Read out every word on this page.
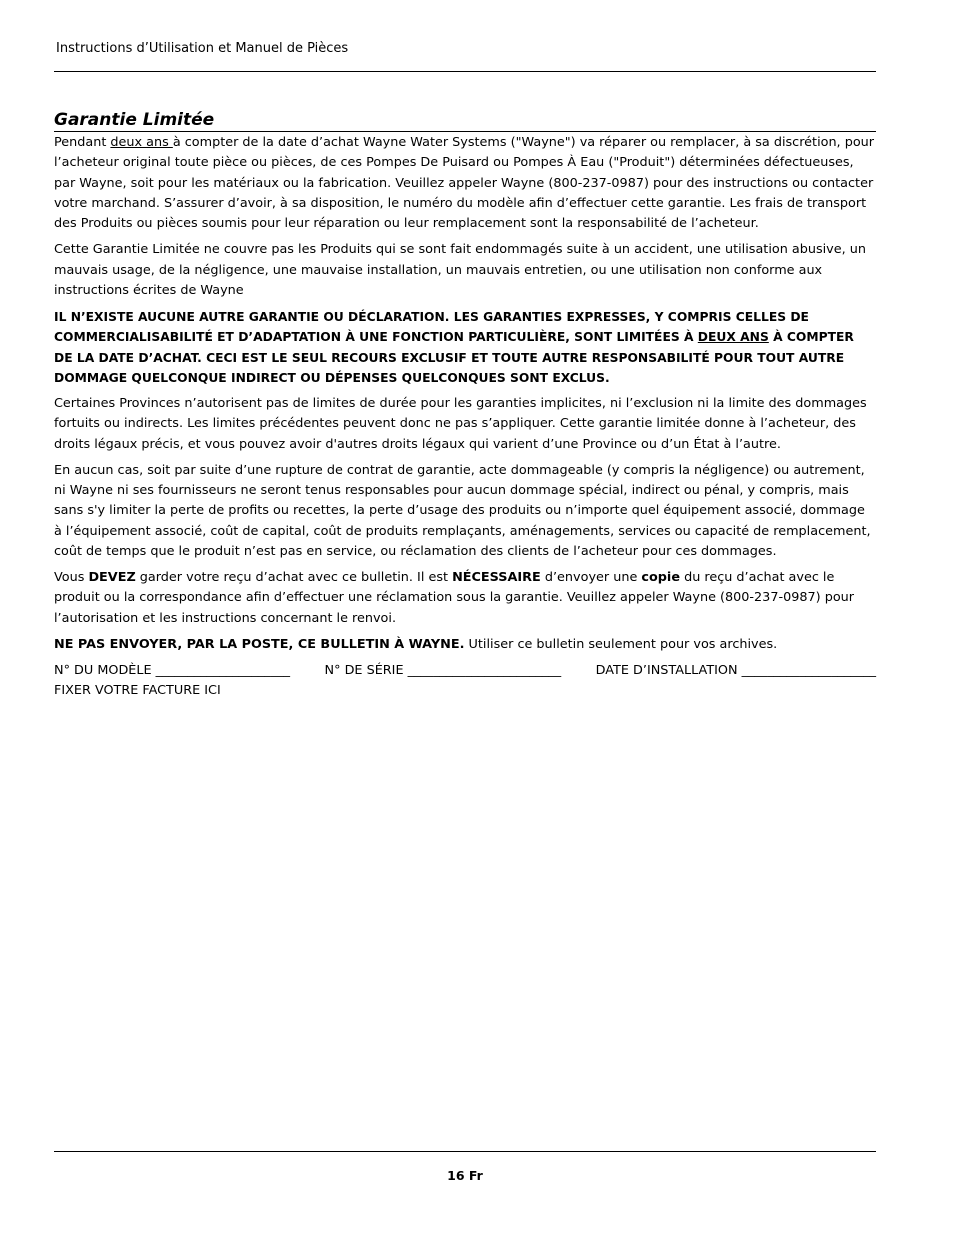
Instructions d’Utilisation et Manuel de Pièces
Garantie Limitée

Pendant deux ans à compter de la date d’achat Wayne Water Systems ("Wayne") va réparer ou remplacer, à sa discrétion, pour l’acheteur original toute pièce ou pièces, de ces Pompes De Puisard ou Pompes À Eau ("Produit") déterminées défectueuses, par Wayne, soit pour les matériaux ou la fabrication. Veuillez appeler Wayne (800-237-0987) pour des instructions ou contacter votre marchand. S’assurer d’avoir, à sa disposition, le numéro du modèle afin d’effectuer cette garantie. Les frais de transport des Produits ou pièces soumis pour leur réparation ou leur remplacement sont la responsabilité de l’acheteur.

Cette Garantie Limitée ne couvre pas les Produits qui se sont fait endommagés suite à un accident, une utilisation abusive, un mauvais usage, de la négligence, une mauvaise installation, un mauvais entretien, ou une utilisation non conforme aux instructions écrites de Wayne

IL N’EXISTE AUCUNE AUTRE GARANTIE OU DÉCLARATION. LES GARANTIES EXPRESSES, Y COMPRIS CELLES DE COMMERCIALISABILITÉ ET D’ADAPTATION À UNE FONCTION PARTICULIÈRE, SONT LIMITÉES À DEUX ANS À COMPTER DE LA DATE D’ACHAT. CECI EST LE SEUL RECOURS EXCLUSIF ET TOUTE AUTRE RESPONSABILITÉ POUR TOUT AUTRE DOMMAGE QUELCONQUE INDIRECT OU DÉPENSES QUELCONQUES SONT EXCLUS.

Certaines Provinces n’autorisent pas de limites de durée pour les garanties implicites, ni l’exclusion ni la limite des dommages fortuits ou indirects. Les limites précédentes peuvent donc ne pas s’appliquer. Cette garantie limitée donne à l’acheteur, des droits légaux précis, et vous pouvez avoir d'autres droits légaux qui varient d’une Province ou d’un État à l’autre.

En aucun cas, soit par suite d’une rupture de contrat de garantie, acte dommageable (y compris la négligence) ou autrement, ni Wayne ni ses fournisseurs ne seront tenus responsables pour aucun dommage spécial, indirect ou pénal, y compris, mais sans s'y limiter la perte de profits ou recettes, la perte d’usage des produits ou n’importe quel équipement associé, dommage à l’équipement associé, coût de capital, coût de produits remplaçants, aménagements, services ou capacité de remplacement, coût de temps que le produit n’est pas en service, ou réclamation des clients de l’acheteur pour ces dommages.

Vous DEVEZ garder votre reçu d’achat avec ce bulletin. Il est NÉCESSAIRE d’envoyer une copie du reçu d’achat avec le produit ou la correspondance afin d’effectuer une réclamation sous la garantie. Veuillez appeler Wayne (800-237-0987) pour l’autorisation et les instructions concernant le renvoi.

NE PAS ENVOYER, PAR LA POSTE, CE BULLETIN À WAYNE. Utiliser ce bulletin seulement pour vos archives.

N° DU MODÈLE _____________________	N° DE SÉRIE ________________________	DATE D’INSTALLATION _____________________
FIXER VOTRE FACTURE ICI
16 Fr
